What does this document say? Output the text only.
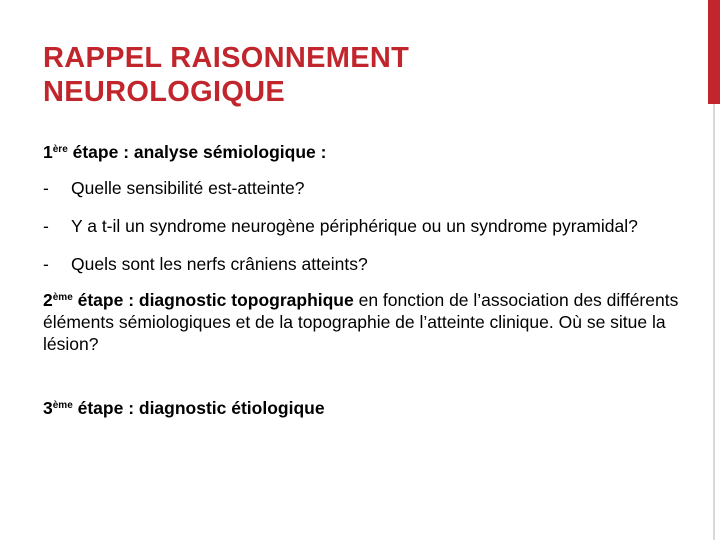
RAPPEL RAISONNEMENT
NEUROLOGIQUE

1ère étape : analyse sémiologique :

- Quelle sensibilité est-atteinte?
- Y a t-il un syndrome neurogène périphérique ou un syndrome pyramidal?
- Quels sont les nerfs crâniens atteints?

2ème étape : diagnostic topographique en fonction de l’association des différents éléments sémiologiques et de la topographie de l’atteinte clinique. Où se situe la lésion?

3ème étape : diagnostic étiologique
